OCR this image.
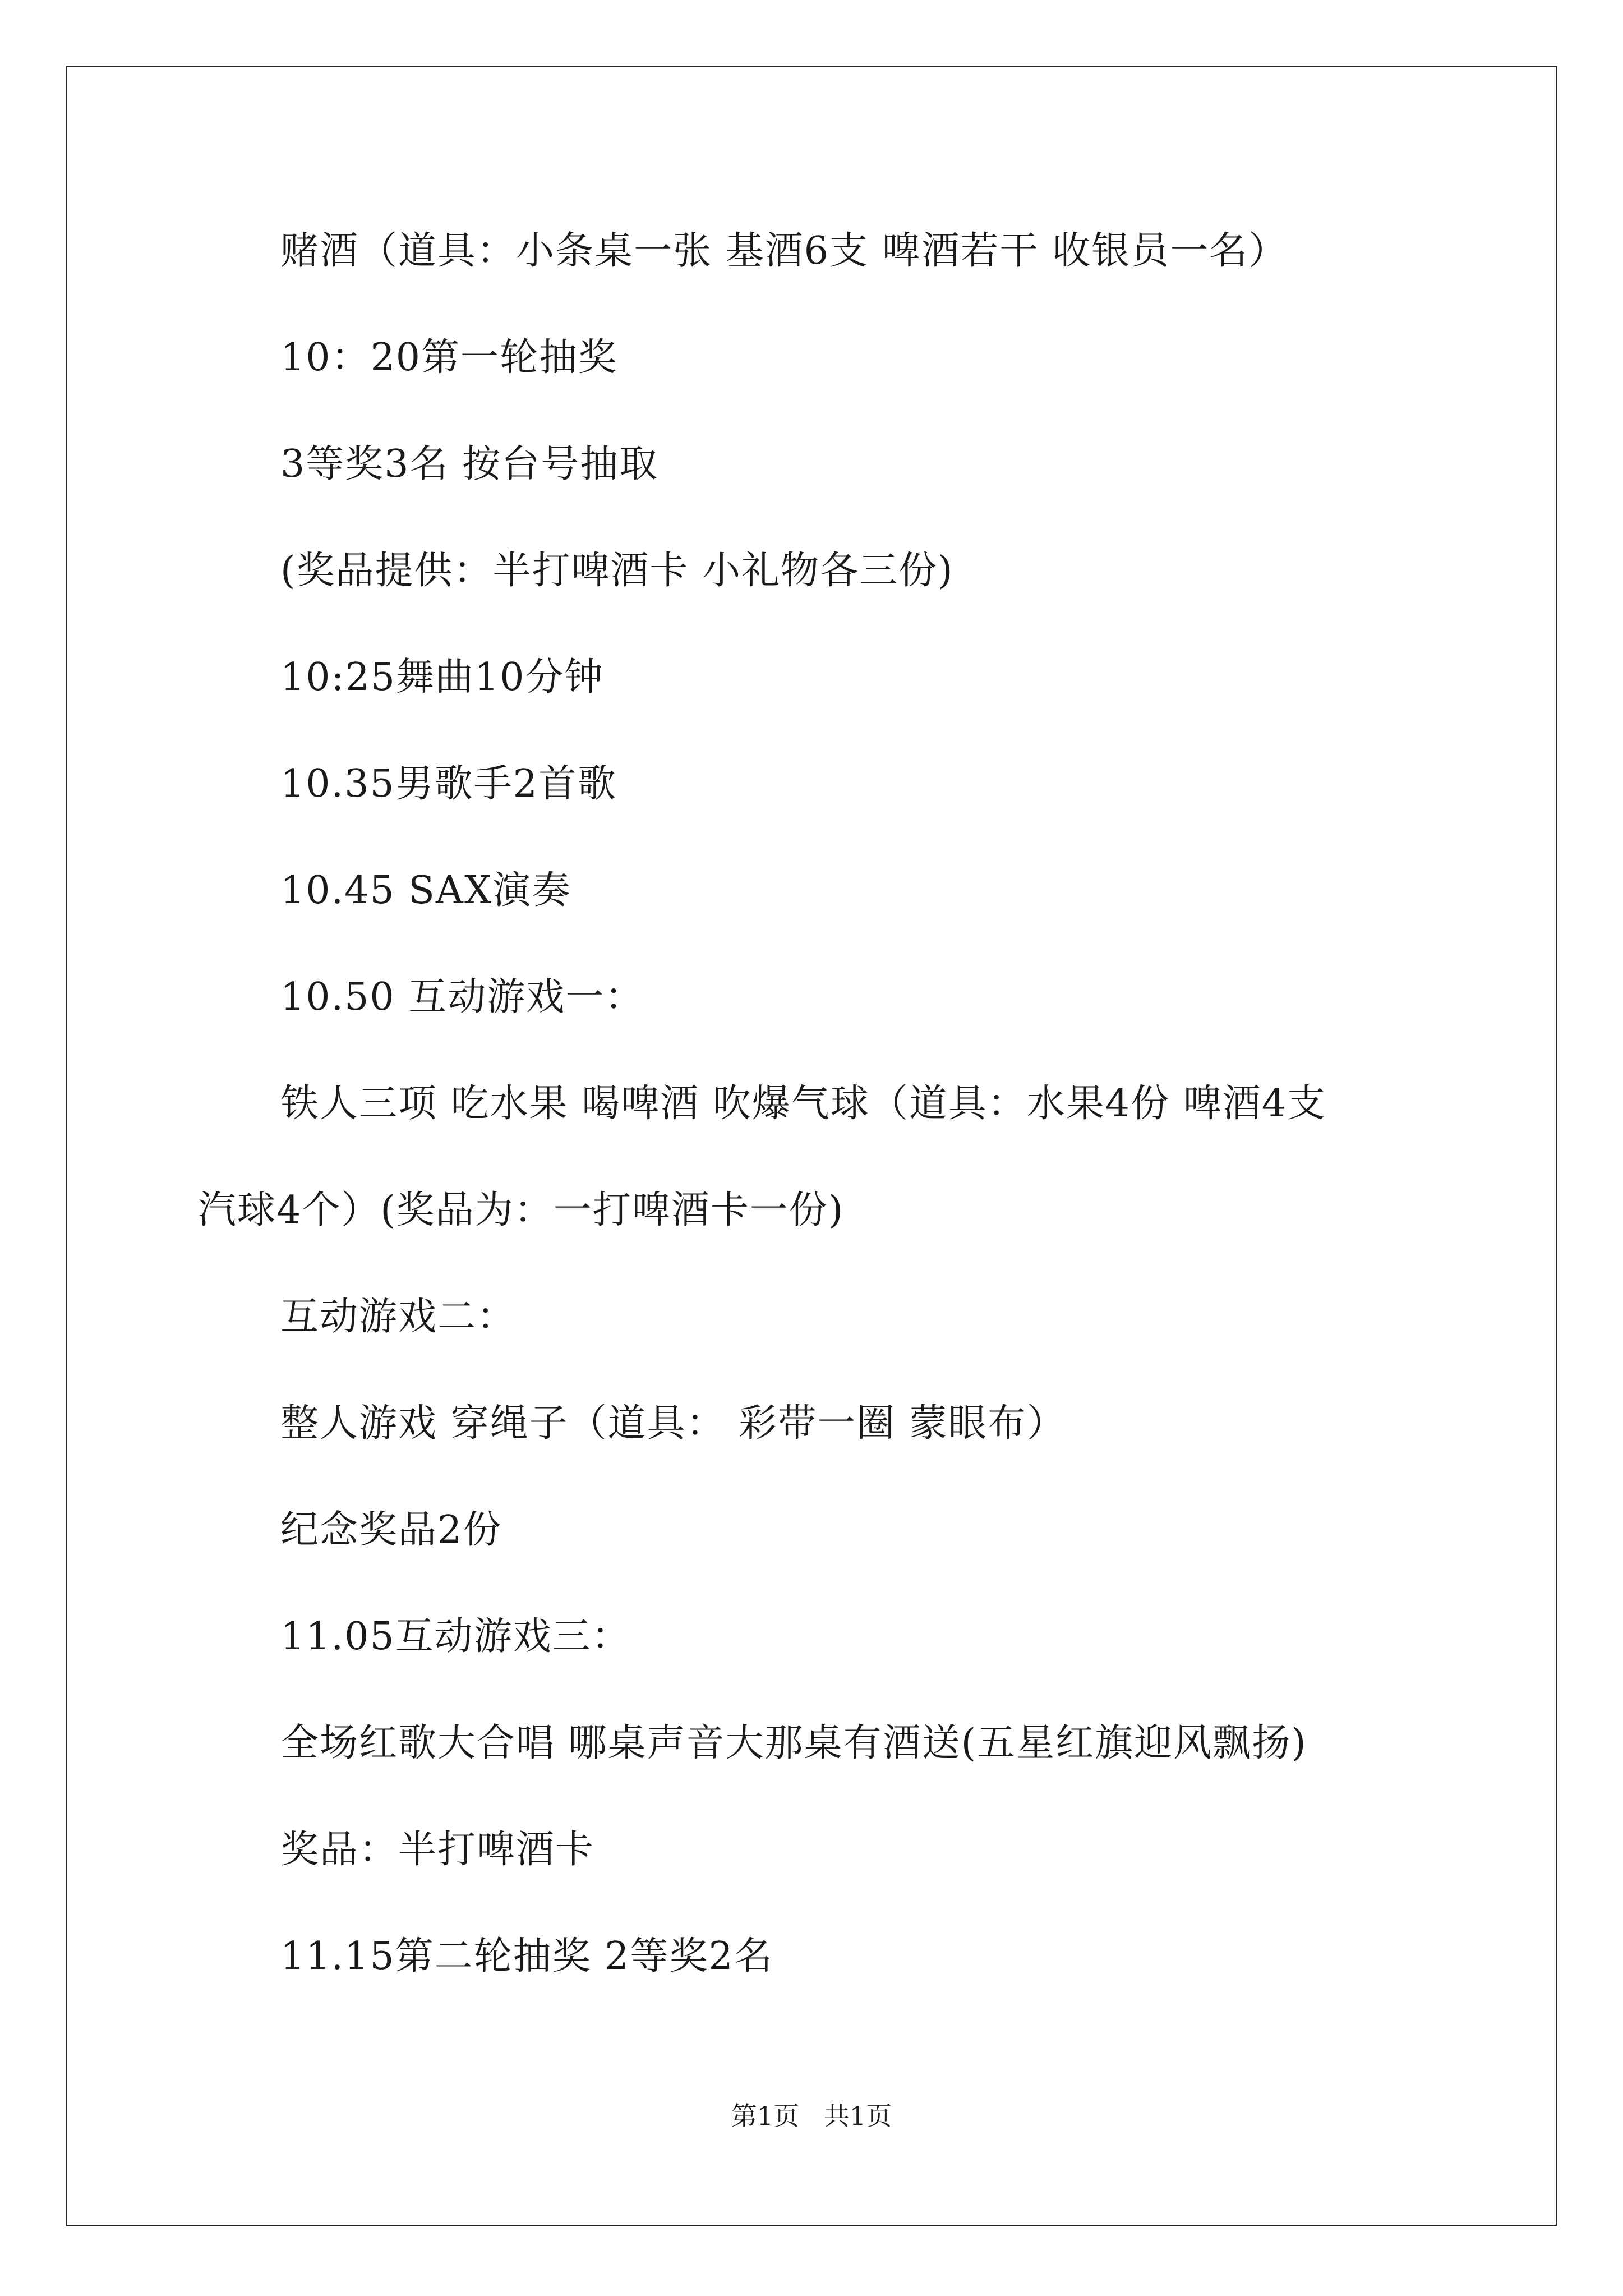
赌酒（道具：小条桌一张 基酒6支 啤酒若干 收银员一名）
10：20第一轮抽奖
3等奖3名 按台号抽取
(奖品提供：半打啤酒卡 小礼物各三份)
10:25舞曲10分钟
10.35男歌手2首歌
10.45 SAX演奏
10.50 互动游戏一：
铁人三项 吃水果 喝啤酒 吹爆气球（道具：水果4份 啤酒4支
汽球4个）(奖品为：一打啤酒卡一份)
互动游戏二：
整人游戏 穿绳子（道具： 彩带一圈 蒙眼布）
纪念奖品2份
11.05互动游戏三：
全场红歌大合唱 哪桌声音大那桌有酒送(五星红旗迎风飘扬)
奖品：半打啤酒卡
11.15第二轮抽奖 2等奖2名
第1页   共1页
